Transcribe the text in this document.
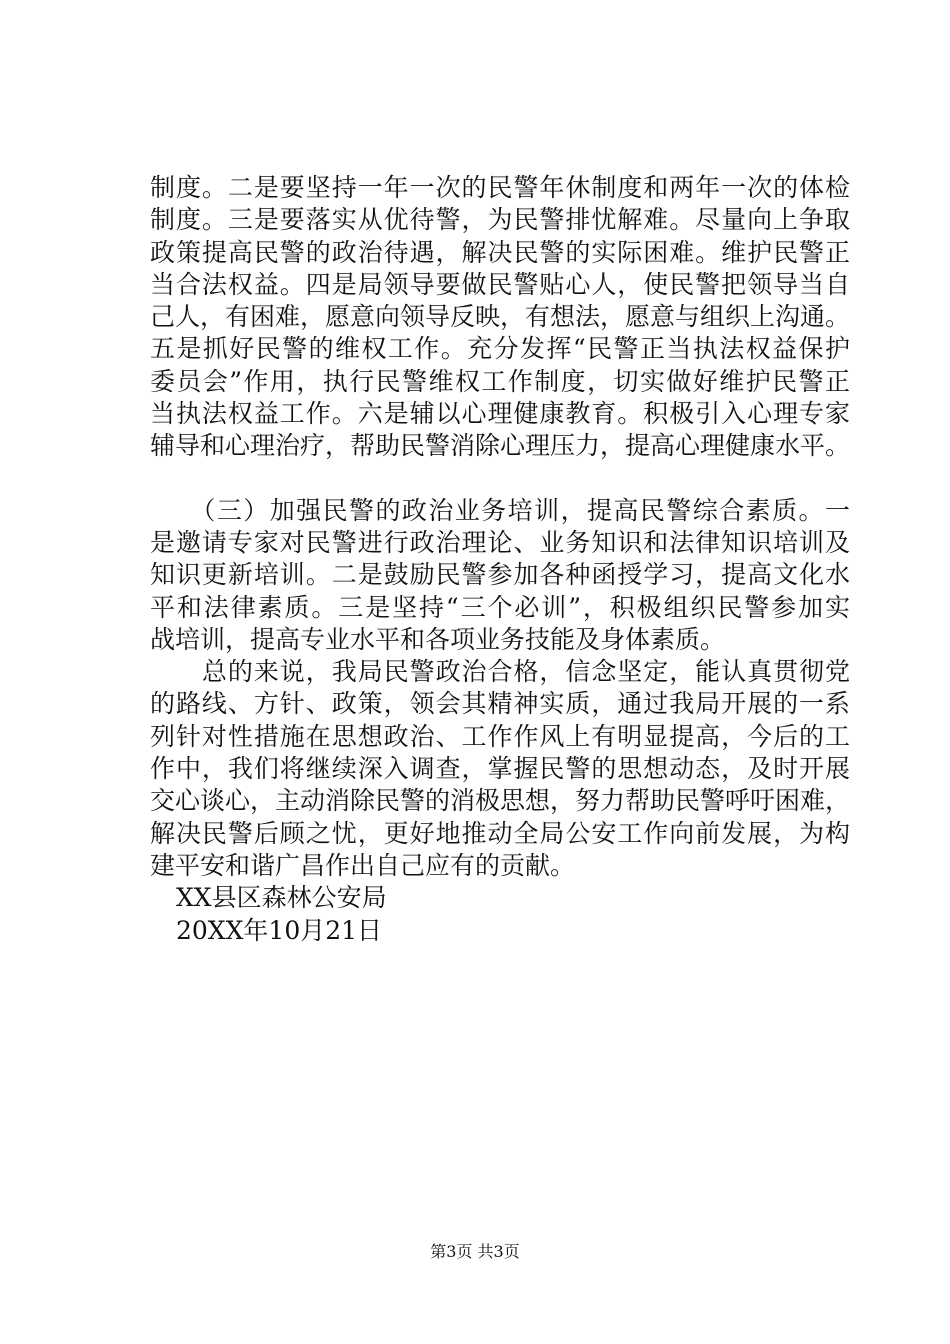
制度。二是要坚持一年一次的民警年休制度和两年一次的体检
制度。三是要落实从优待警，为民警排忧解难。尽量向上争取
政策提高民警的政治待遇，解决民警的实际困难。维护民警正
当合法权益。四是局领导要做民警贴心人，使民警把领导当自
己人，有困难，愿意向领导反映，有想法，愿意与组织上沟通。
五是抓好民警的维权工作。充分发挥“民警正当执法权益保护
委员会”作用，执行民警维权工作制度，切实做好维护民警正
当执法权益工作。六是辅以心理健康教育。积极引入心理专家
辅导和心理治疗，帮助民警消除心理压力，提高心理健康水平。
　　（三）加强民警的政治业务培训，提高民警综合素质。一
是邀请专家对民警进行政治理论、业务知识和法律知识培训及
知识更新培训。二是鼓励民警参加各种函授学习，提高文化水
平和法律素质。三是坚持“三个必训”，积极组织民警参加实
战培训，提高专业水平和各项业务技能及身体素质。
　　总的来说，我局民警政治合格，信念坚定，能认真贯彻党
的路线、方针、政策，领会其精神实质，通过我局开展的一系
列针对性措施在思想政治、工作作风上有明显提高，今后的工
作中，我们将继续深入调查，掌握民警的思想动态，及时开展
交心谈心，主动消除民警的消极思想，努力帮助民警呼吁困难，
解决民警后顾之忧，更好地推动全局公安工作向前发展，为构
建平安和谐广昌作出自己应有的贡献。
XX县区森林公安局
20XX年10月21日
第3页 共3页
